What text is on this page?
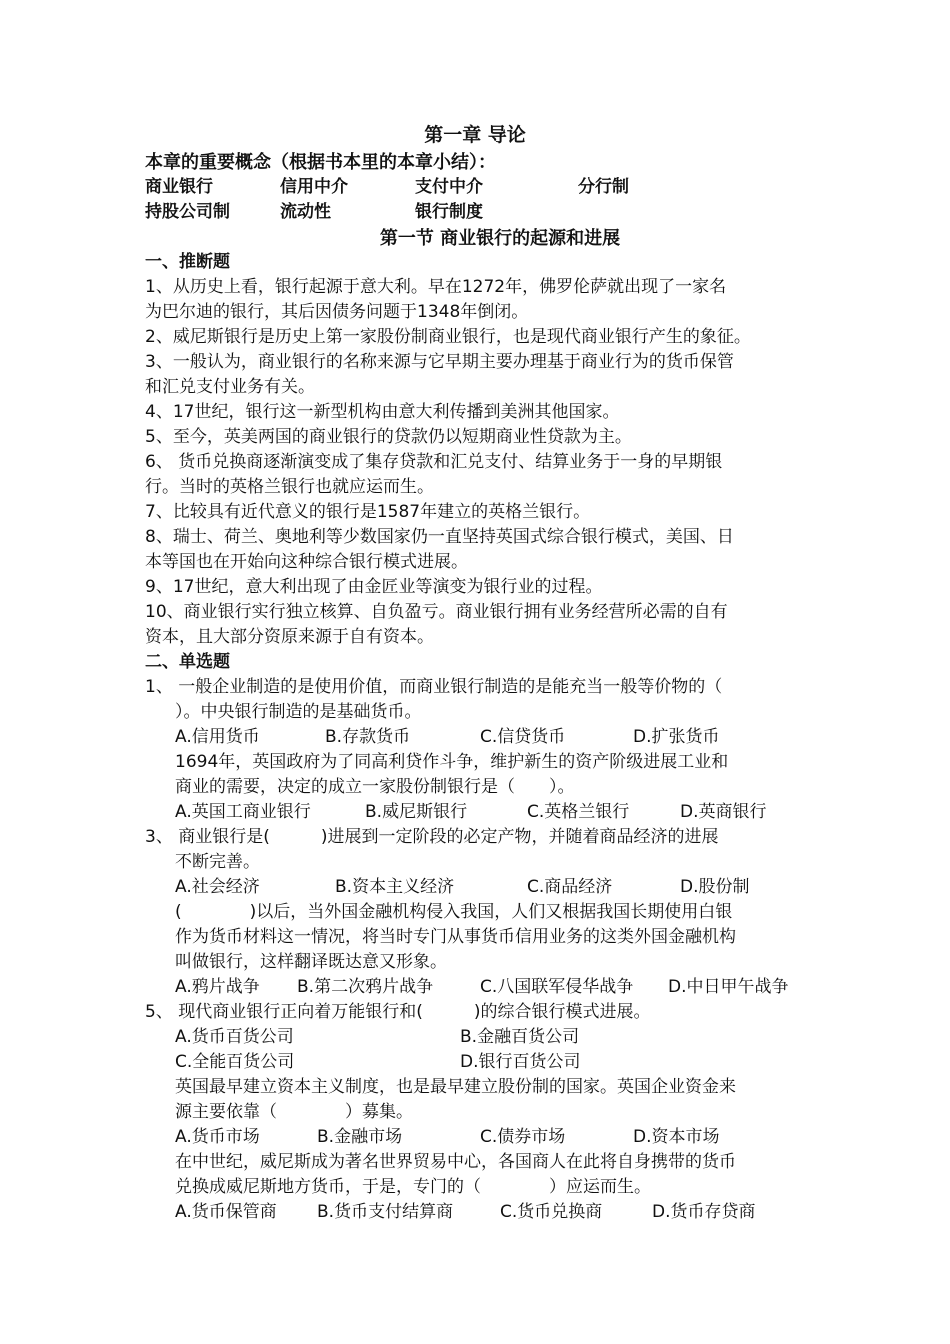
第一章 导论
本章的重要概念（根据书本里的本章小结）：
商业银行	信用中介	支付中介	分行制
持股公司制	流动性	银行制度
第一节 商业银行的起源和进展
一、推断题
1、从历史上看，银行起源于意大利。早在1272年，佛罗伦萨就出现了一家名
为巴尔迪的银行，其后因债务问题于1348年倒闭。
2、威尼斯银行是历史上第一家股份制商业银行，也是现代商业银行产生的象征。
3、一般认为，商业银行的名称来源与它早期主要办理基于商业行为的货币保管
和汇兑支付业务有关。
4、17世纪，银行这一新型机构由意大利传播到美洲其他国家。
5、至今，英美两国的商业银行的贷款仍以短期商业性贷款为主。
6、 货币兑换商逐渐演变成了集存贷款和汇兑支付、结算业务于一身的早期银
行。当时的英格兰银行也就应运而生。
7、比较具有近代意义的银行是1587年建立的英格兰银行。
8、瑞士、荷兰、奥地利等少数国家仍一直坚持英国式综合银行模式，美国、日
本等国也在开始向这种综合银行模式进展。
9、17世纪，意大利出现了由金匠业等演变为银行业的过程。
10、商业银行实行独立核算、自负盈亏。商业银行拥有业务经营所必需的自有
资本，且大部分资原来源于自有资本。
二、单选题
1、 一般企业制造的是使用价值，而商业银行制造的是能充当一般等价物的（
）。中央银行制造的是基础货币。
A.信用货币	B.存款货币	C.信贷货币	D.扩张货币
1694年，英国政府为了同高利贷作斗争，维护新生的资产阶级进展工业和
商业的需要，决定的成立一家股份制银行是（　　）。
A.英国工商业银行	B.威尼斯银行	C.英格兰银行	D.英商银行
3、 商业银行是(　　　)进展到一定阶段的必定产物，并随着商品经济的进展
不断完善。
A.社会经济	B.资本主义经济	C.商品经济	D.股份制
(　　　　)以后，当外国金融机构侵入我国，人们又根据我国长期使用白银
作为货币材料这一情况，将当时专门从事货币信用业务的这类外国金融机构
叫做银行，这样翻译既达意又形象。
A.鸦片战争 B.第二次鸦片战争	C.八国联军侵华战争 D.中日甲午战争
5、 现代商业银行正向着万能银行和(　　　)的综合银行模式进展。
A.货币百货公司	B.金融百货公司
C.全能百货公司	D.银行百货公司
英国最早建立资本主义制度，也是最早建立股份制的国家。英国企业资金来
源主要依靠（　　　　）募集。
A.货币市场	B.金融市场	C.债券市场	D.资本市场
在中世纪，威尼斯成为著名世界贸易中心，各国商人在此将自身携带的货币
兑换成威尼斯地方货币，于是，专门的（　　　　）应运而生。
A.货币保管商 B.货币支付结算商	C.货币兑换商	D.货币存贷商
